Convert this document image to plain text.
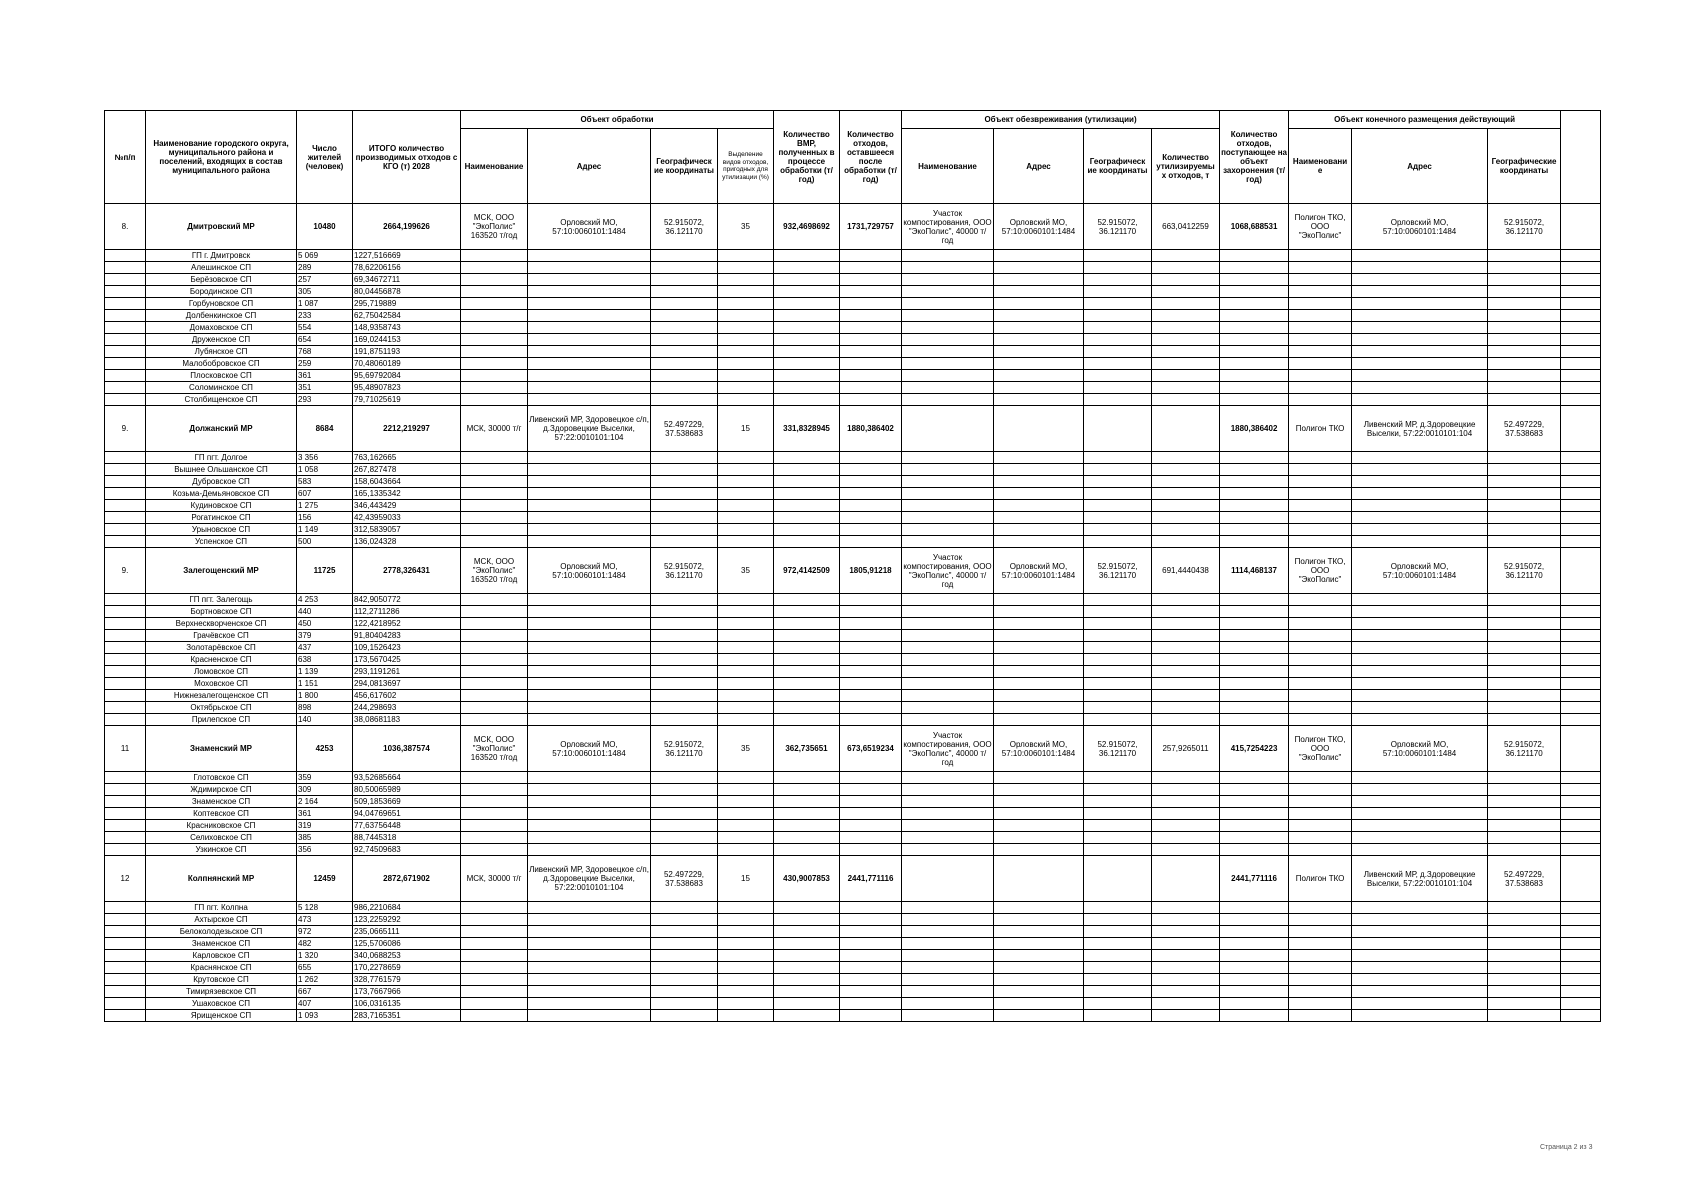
№п/п	Наименование городского округа, муниципального района и поселений, входящих в состав муниципального района	Число жителей (человек)	ИТОГО количество производимых отходов с КГО (т) 2028	Объект обработки				Количество ВМР, полученных в процессе обработки (т/год)	Количество отходов, оставшееся после обработки (т/год)	Объект обезвреживания (утилизации)				Количество отходов, поступающее на объект захоронения (т/год)	Объект конечного размещения действующий			
				Наименование	Адрес	Географическ ие координаты	Выделение видов отходов, пригодных для утилизации (%)			Наименование	Адрес	Географическ ие координаты	Количество утилизируемы х отходов, т		Наименовани е	Адрес	Географические координаты	
8.	Дмитровский МР	10480	2664,199626	МСК, ООО "ЭкоПолис" 163520 т/год	Орловский МО, 57:10:0060101:1484	52.915072, 36.121170	35	932,4698692	1731,729757	Участок компостирования, ООО "ЭкоПолис", 40000 т/год	Орловский МО, 57:10:0060101:1484	52.915072, 36.121170	663,0412259	1068,688531	Полигон ТКО, ООО "ЭкоПолис"	Орловский МО, 57:10:0060101:1484	52.915072, 36.121170	
	ГП г. Дмитровск	5 069	1227,516669															
	Алешинское СП	289	78,62206156															
	Берёзовское СП	257	69,34672711															
	Бородинское СП	305	80,04456878															
	Горбуновское СП	1 087	295,719889															
	Долбенкинское СП	233	62,75042584															
	Домаховское СП	554	148,9358743															
	Друженское СП	654	169,0244153															
	Лубянское СП	768	191,8751193															
	Малобобровское СП	259	70,48060189															
	Плосковское СП	361	95,69792084															
	Соломинское СП	351	95,48907823															
	Столбищенское СП	293	79,71025619															
9.	Должанский МР	8684	2212,219297	МСК, 30000 т/г	Ливенский МР, Здоровецкое с/п, д.Здоровецкие Выселки, 57:22:0010101:104	52.497229, 37.538683	15	331,8328945	1880,386402					1880,386402	Полигон ТКО	Ливенский МР, д.Здоровецкие Выселки, 57:22:0010101:104	52.497229, 37.538683	
	ГП пгт. Долгое	3 356	763,162665															
	Вышнее Ольшанское СП	1 058	267,827478															
	Дубровское СП	583	158,6043664															
	Козьма-Демьяновское СП	607	165,1335342															
	Кудиновское СП	1 275	346,443429															
	Рогатинское СП	156	42,43959033															
	Урыновское СП	1 149	312,5839057															
	Успенское СП	500	136,024328															
9.	Залегощенский МР	11725	2778,326431	МСК, ООО "ЭкоПолис" 163520 т/год	Орловский МО, 57:10:0060101:1484	52.915072, 36.121170	35	972,4142509	1805,91218	Участок компостирования, ООО "ЭкоПолис", 40000 т/год	Орловский МО, 57:10:0060101:1484	52.915072, 36.121170	691,4440438	1114,468137	Полигон ТКО, ООО "ЭкоПолис"	Орловский МО, 57:10:0060101:1484	52.915072, 36.121170	
	ГП пгт. Залегощь	4 253	842,9050772															
	Бортновское СП	440	112,2711286															
	Верхнескворченское СП	450	122,4218952															
	Грачёвское СП	379	91,80404283															
	Золотарёвское СП	437	109,1526423															
	Красненское СП	638	173,5670425															
	Ломовское СП	1 139	293,1191261															
	Моховское СП	1 151	294,0813697															
	Нижнезалегощенское СП	1 800	456,617602															
	Октябрьское СП	898	244,298693															
	Прилепское СП	140	38,08681183															
11	Знаменский МР	4253	1036,387574	МСК, ООО "ЭкоПолис" 163520 т/год	Орловский МО, 57:10:0060101:1484	52.915072, 36.121170	35	362,735651	673,6519234	Участок компостирования, ООО "ЭкоПолис", 40000 т/год	Орловский МО, 57:10:0060101:1484	52.915072, 36.121170	257,9265011	415,7254223	Полигон ТКО, ООО "ЭкоПолис"	Орловский МО, 57:10:0060101:1484	52.915072, 36.121170	
	Глотовское СП	359	93,52685664															
	Ждимирское СП	309	80,50065989															
	Знаменское СП	2 164	509,1853669															
	Коптевское СП	361	94,04769651															
	Красниковское СП	319	77,63756448															
	Селиховское СП	385	88,7445318															
	Узкинское СП	356	92,74509683															
12	Колпнянский МР	12459	2872,671902	МСК, 30000 т/г	Ливенский МР, Здоровецкое с/п, д.Здоровецкие Выселки, 57:22:0010101:104	52.497229, 37.538683	15	430,9007853	2441,771116					2441,771116	Полигон ТКО	Ливенский МР, д.Здоровецкие Выселки, 57:22:0010101:104	52.497229, 37.538683	
	ГП пгт. Колпна	5 128	986,2210684															
	Ахтырское СП	473	123,2259292															
	Белоколодезьское СП	972	235,0665111															
	Знаменское СП	482	125,5706086															
	Карловское СП	1 320	340,0688253															
	Краснянское СП	655	170,2278659															
	Крутовское СП	1 262	328,7761579															
	Тимирязевское СП	667	173,7667966															
	Ушаковское СП	407	106,0316135															
	Ярищенское СП	1 093	283,7165351															
Страница 2 из 3
